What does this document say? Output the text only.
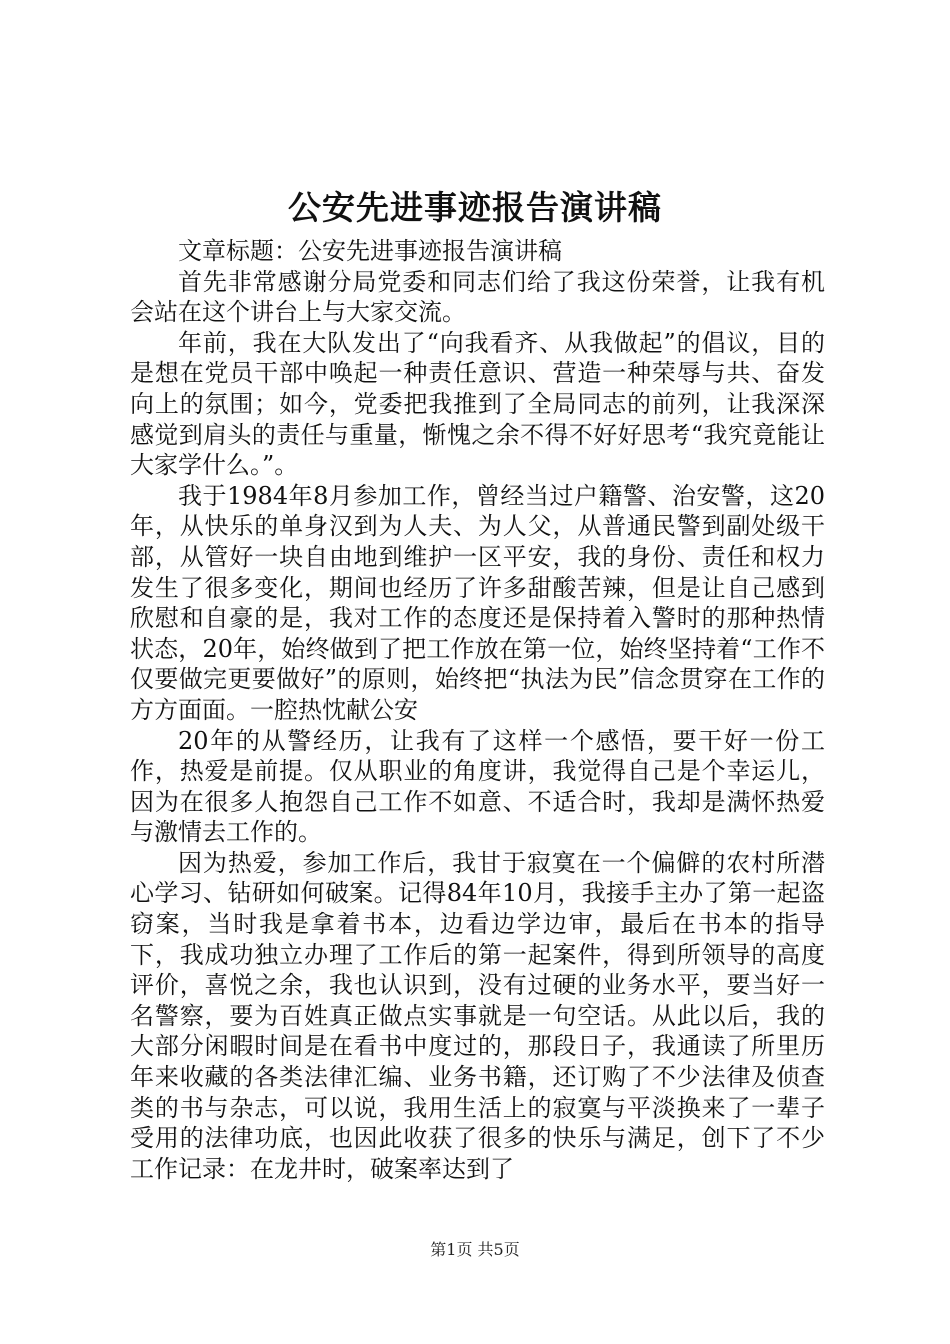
公安先进事迹报告演讲稿

文章标题：公安先进事迹报告演讲稿

首先非常感谢分局党委和同志们给了我这份荣誉，让我有机会站在这个讲台上与大家交流。

年前，我在大队发出了“向我看齐、从我做起”的倡议，目的是想在党员干部中唤起一种责任意识、营造一种荣辱与共、奋发向上的氛围；如今，党委把我推到了全局同志的前列，让我深深感觉到肩头的责任与重量，惭愧之余不得不好好思考“我究竟能让大家学什么。”。

我于1984年8月参加工作，曾经当过户籍警、治安警，这20年，从快乐的单身汉到为人夫、为人父，从普通民警到副处级干部，从管好一块自由地到维护一区平安，我的身份、责任和权力发生了很多变化，期间也经历了许多甜酸苦辣，但是让自己感到欣慰和自豪的是，我对工作的态度还是保持着入警时的那种热情状态，20年，始终做到了把工作放在第一位，始终坚持着“工作不仅要做完更要做好”的原则，始终把“执法为民”信念贯穿在工作的方方面面。一腔热忱献公安

20年的从警经历，让我有了这样一个感悟，要干好一份工作，热爱是前提。仅从职业的角度讲，我觉得自己是个幸运儿，因为在很多人抱怨自己工作不如意、不适合时，我却是满怀热爱与激情去工作的。

因为热爱，参加工作后，我甘于寂寞在一个偏僻的农村所潜心学习、钻研如何破案。记得84年10月，我接手主办了第一起盗窃案，当时我是拿着书本，边看边学边审，最后在书本的指导下，我成功独立办理了工作后的第一起案件，得到所领导的高度评价，喜悦之余，我也认识到，没有过硬的业务水平，要当好一名警察，要为百姓真正做点实事就是一句空话。从此以后，我的大部分闲暇时间是在看书中度过的，那段日子，我通读了所里历年来收藏的各类法律汇编、业务书籍，还订购了不少法律及侦查类的书与杂志，可以说，我用生活上的寂寞与平淡换来了一辈子受用的法律功底，也因此收获了很多的快乐与满足，创下了不少工作记录：在龙井时，破案率达到了

第1页 共5页
